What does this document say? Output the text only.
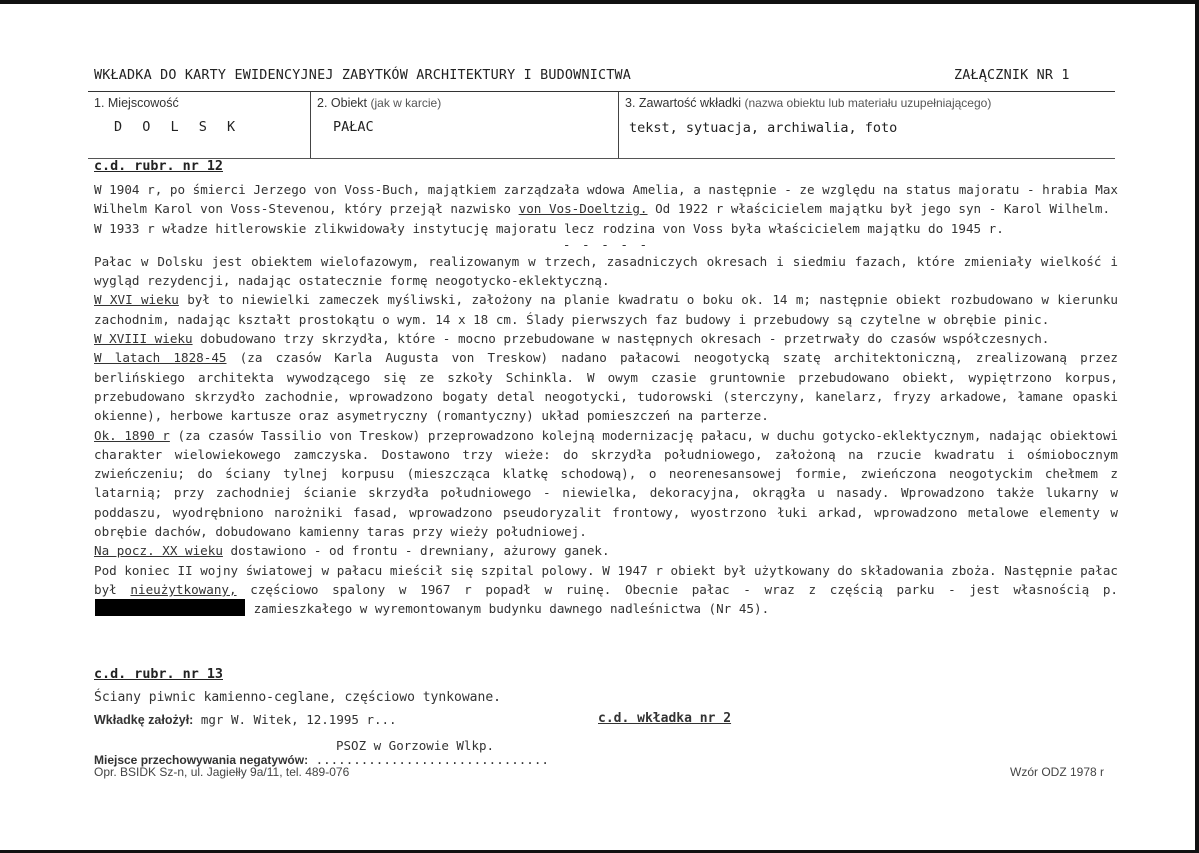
WKŁADKA DO KARTY EWIDENCYJNEJ ZABYTKÓW ARCHITEKTURY I BUDOWNICTWA	ZAŁĄCZNIK NR 1
1. Miejscowość
D O L S K
2. Obiekt (jak w karcie)
PAŁAC
3. Zawartość wkładki (nazwa obiektu lub materiału uzupełniającego)
tekst, sytuacja, archiwalia, foto
c.d. rubr. nr 12

W 1904 r, po śmierci Jerzego von Voss-Buch, majątkiem zarządzała wdowa Amelia, a następnie - ze względu na status majoratu - hrabia Max Wilhelm Karol von Voss-Stevenou, który przejął nazwisko von Vos-Doeltzig. Od 1922 r właścicielem majątku był jego syn - Karol Wilhelm.

W 1933 r władze hitlerowskie zlikwidowały instytucję majoratu lecz rodzina von Voss była właścicielem majątku do 1945 r.

- - - - -

Pałac w Dolsku jest obiektem wielofazowym, realizowanym w trzech, zasadniczych okresach i siedmiu fazach, które zmieniały wielkość i wygląd rezydencji, nadając ostatecznie formę neogotycko-eklektyczną.

W XVI wieku był to niewielki zameczek myśliwski, założony na planie kwadratu o boku ok. 14 m; następnie obiekt rozbudowano w kierunku zachodnim, nadając kształt prostokątu o wym. 14 x 18 cm. Ślady pierwszych faz budowy i przebudowy są czytelne w obrębie pinic.

W XVIII wieku dobudowano trzy skrzydła, które - mocno przebudowane w następnych okresach - przetrwały do czasów współczesnych.

W latach 1828-45 (za czasów Karla Augusta von Treskow) nadano pałacowi neogotycką szatę architektoniczną, zrealizowaną przez berlińskiego architekta wywodzącego się ze szkoły Schinkla. W owym czasie gruntownie przebudowano obiekt, wypiętrzono korpus, przebudowano skrzydło zachodnie, wprowadzono bogaty detal neogotycki, tudorowski (sterczyny, kanelarz, fryzy arkadowe, łamane opaski okienne), herbowe kartusze oraz asymetryczny (romantyczny) układ pomieszczeń na parterze.

Ok. 1890 r (za czasów Tassilio von Treskow) przeprowadzono kolejną modernizację pałacu, w duchu gotycko-eklektycznym, nadając obiektowi charakter wielowiekowego zamczyska. Dostawono trzy wieże: do skrzydła południowego, założoną na rzucie kwadratu i ośmiobocznym zwieńczeniu; do ściany tylnej korpusu (mieszcząca klatkę schodową), o neorenesansowej formie, zwieńczona neogotyckim chełmem z latarnią; przy zachodniej ścianie skrzydła południowego - niewielka, dekoracyjna, okrągła u nasady. Wprowadzono także lukarny w poddaszu, wyodrębniono narożniki fasad, wprowadzono pseudoryzalit frontowy, wyostrzono łuki arkad, wprowadzono metalowe elementy w obrębie dachów, dobudowano kamienny taras przy wieży południowej.

Na pocz. XX wieku dostawiono - od frontu - drewniany, ażurowy ganek.

Pod koniec II wojny światowej w pałacu mieścił się szpital polowy. W 1947 r obiekt był użytkowany do składowania zboża. Następnie pałac był nieużytkowany, częściowo spalony w 1967 r popadł w ruinę. Obecnie pałac - wraz z częścią parku - jest własnością p.  zamieszkałego w wyremontowanym budynku dawnego nadleśnictwa (Nr 45).

c.d. rubr. nr 13
Ściany piwnic kamienno-ceglane, częściowo tynkowane.
Wkładkę założył: mgr W. Witek, 12.1995 r...	c.d. wkładka nr 2
PSOZ w Gorzowie Wlkp.
Miejsce przechowywania negatywów: ...............................
Opr. BSIDK Sz-n, ul. Jagiełły 9a/11, tel. 489-076	Wzór ODZ 1978 r
